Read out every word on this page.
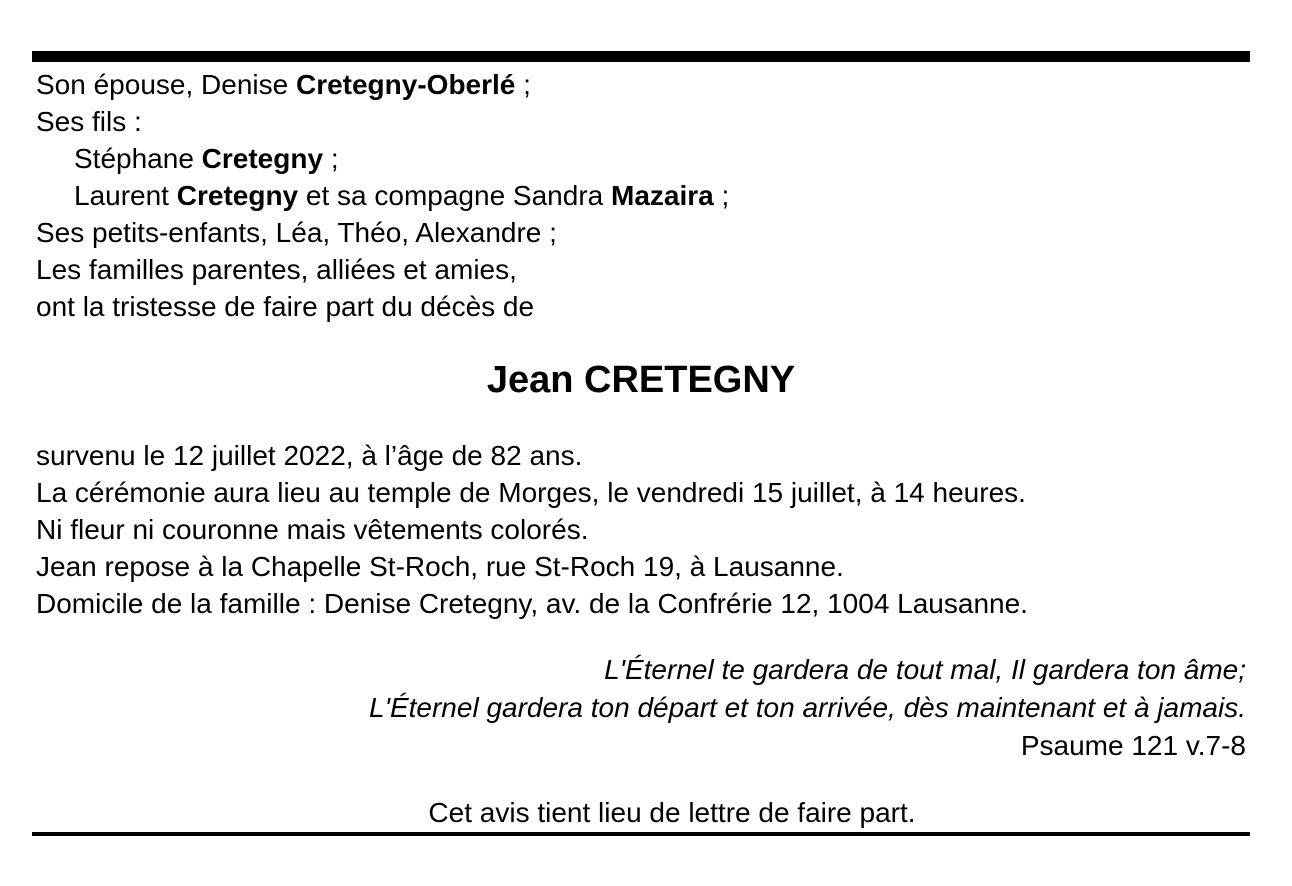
Son épouse, Denise Cretegny-Oberlé ;
Ses fils :
Stéphane Cretegny ;
Laurent Cretegny et sa compagne Sandra Mazaira ;
Ses petits-enfants, Léa, Théo, Alexandre ;
Les familles parentes, alliées et amies,
ont la tristesse de faire part du décès de
Jean CRETEGNY
survenu le 12 juillet 2022, à l’âge de 82 ans.
La cérémonie aura lieu au temple de Morges, le vendredi 15 juillet, à 14 heures.
Ni fleur ni couronne mais vêtements colorés.
Jean repose à la Chapelle St-Roch, rue St-Roch 19, à Lausanne.
Domicile de la famille : Denise Cretegny, av. de la Confrérie 12, 1004 Lausanne.
L'Éternel te gardera de tout mal, Il gardera ton âme;
L'Éternel gardera ton départ et ton arrivée, dès maintenant et à jamais.
Psaume 121 v.7-8
Cet avis tient lieu de lettre de faire part.
